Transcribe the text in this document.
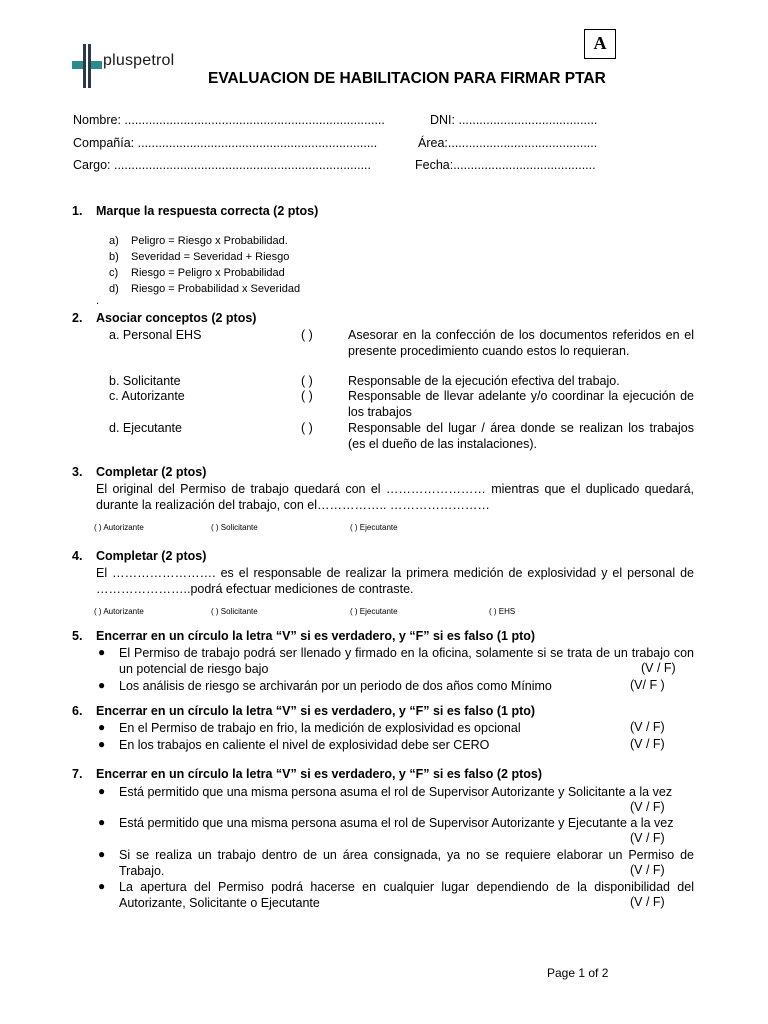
pluspetrol
A
EVALUACION DE HABILITACION PARA FIRMAR PTAR
Nombre: ...........................................................................	DNI: ........................................
Compañía: .....................................................................	Área:...........................................
Cargo: ..........................................................................	Fecha:.........................................
1. Marque la respuesta correcta (2 ptos)
a) Peligro = Riesgo x Probabilidad.
b) Severidad = Severidad + Riesgo
c) Riesgo = Peligro x Probabilidad
d) Riesgo = Probabilidad x Severidad
.
2. Asociar conceptos (2 ptos)
a. Personal EHS	( )	Asesorar en la confección de los documentos referidos en el presente procedimiento cuando estos lo requieran.
b. Solicitante	( )	Responsable de la ejecución efectiva del trabajo.
c. Autorizante	( )	Responsable de llevar adelante y/o coordinar la ejecución de los trabajos
d. Ejecutante	( )	Responsable del lugar / área donde se realizan los trabajos (es el dueño de las instalaciones).
3. Completar (2 ptos)
El original del Permiso de trabajo quedará con el …………………… mientras que el duplicado quedará, durante la realización del trabajo, con el…………….. ……………………
( ) Autorizante	( ) Solicitante	( ) Ejecutante
4. Completar (2 ptos)
El ……………………. es el responsable de realizar la primera medición de explosividad y el personal de …………………..podrá efectuar mediciones de contraste.
( ) Autorizante	( ) Solicitante	( ) Ejecutante	( ) EHS
5. Encerrar en un círculo la letra “V” si es verdadero, y “F” si es falso (1 pto)
● El Permiso de trabajo podrá ser llenado y firmado en la oficina, solamente si se trata de un trabajo con un potencial de riesgo bajo	(V / F)
● Los análisis de riesgo se archivarán por un periodo de dos años como Mínimo	(V/ F )
6. Encerrar en un círculo la letra “V” si es verdadero, y “F” si es falso (1 pto)
● En el Permiso de trabajo en frio, la medición de explosividad es opcional	(V / F)
● En los trabajos en caliente el nivel de explosividad debe ser CERO	(V / F)
7. Encerrar en un círculo la letra “V” si es verdadero, y “F” si es falso (2 ptos)
● Está permitido que una misma persona asuma el rol de Supervisor Autorizante y Solicitante a la vez
(V / F)
● Está permitido que una misma persona asuma el rol de Supervisor Autorizante y Ejecutante a la vez
(V / F)
● Si se realiza un trabajo dentro de un área consignada, ya no se requiere elaborar un Permiso de Trabajo.	(V / F)
● La apertura del Permiso podrá hacerse en cualquier lugar dependiendo de la disponibilidad del Autorizante, Solicitante o Ejecutante	(V / F)
Page 1 of 2
